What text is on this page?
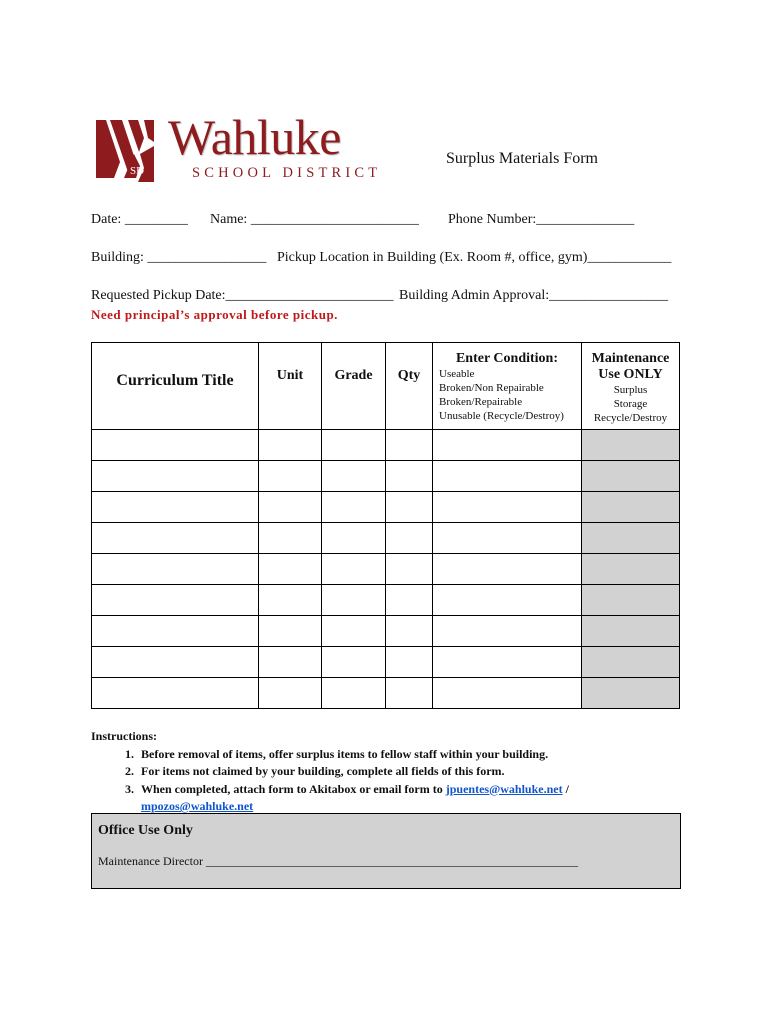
SD
Wahluke
SCHOOL DISTRICT
Surplus Materials Form
Date: _________ Name: ________________________ Phone Number:______________
Building: _________________ Pickup Location in Building (Ex. Room #, office, gym)____________
Requested Pickup Date:________________________ Building Admin Approval:_________________
Need principal’s approval before pickup.
Curriculum Title	Unit	Grade	Qty	Enter Condition:
Useable
Broken/Non Repairable
Broken/Repairable
Unusable (Recycle/Destroy)	Maintenance Use ONLY
Surplus
Storage
Recycle/Destroy

Instructions:
1. Before removal of items, offer surplus items to fellow staff within your building.
2. For items not claimed by your building, complete all fields of this form.
3. When completed, attach form to Akitabox or email form to jpuentes@wahluke.net /
mpozos@wahluke.net
Office Use Only
Maintenance Director ______________________________________________________________
